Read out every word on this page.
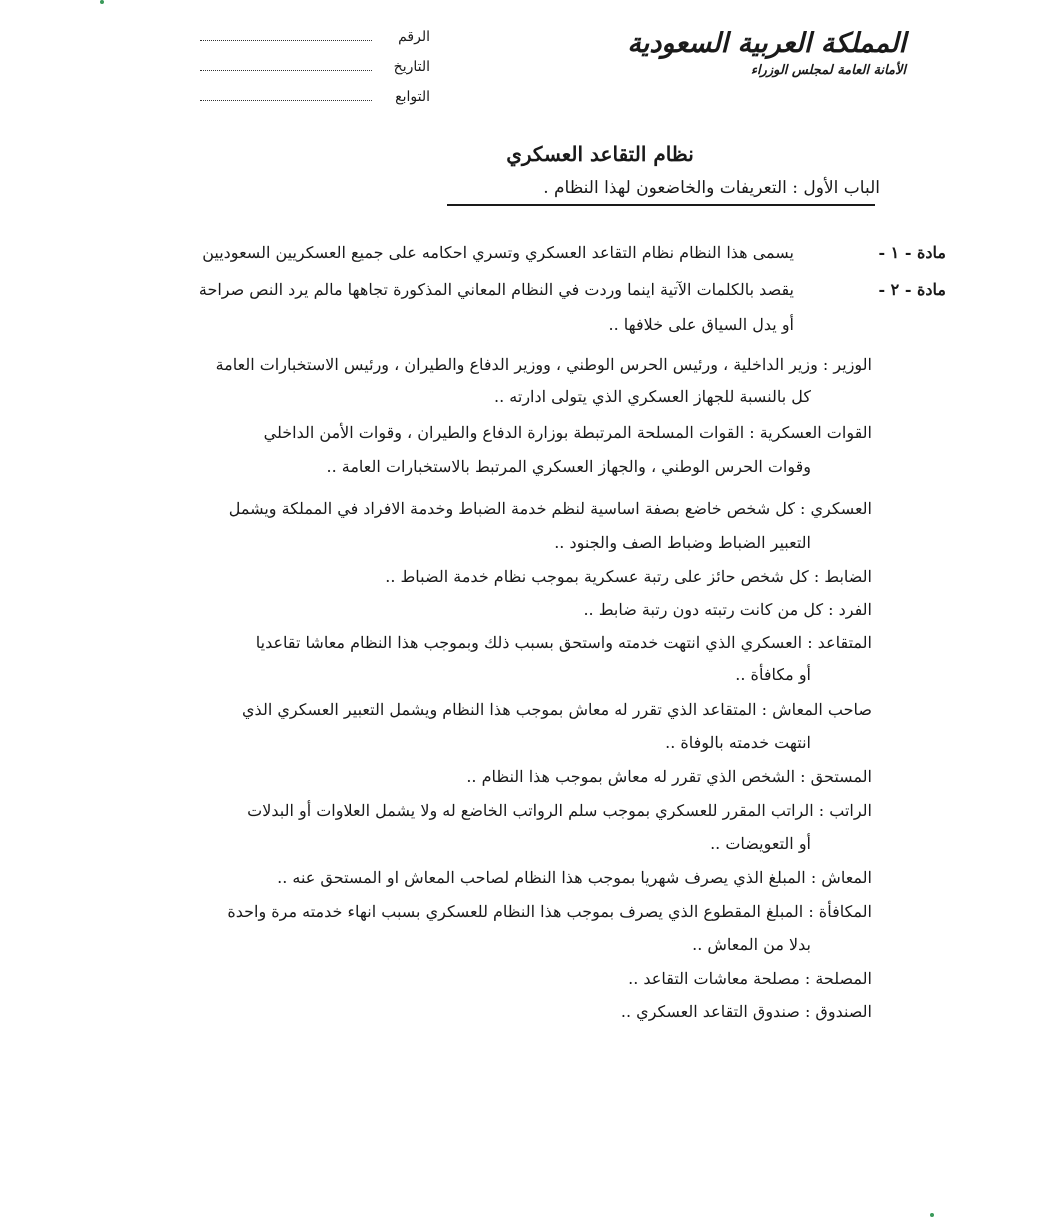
المملكة العربية السعودية
الأمانة العامة لمجلس الوزراء
الرقم
التاريخ
التوابع
نظام التقاعد العسكري
الباب الأول : التعريفات والخاضعون لهذا النظام .
مادة - ١ -
يسمى هذا النظام نظام التقاعد العسكري وتسري احكامه على جميع العسكريين السعوديين
مادة - ٢ -
يقصد بالكلمات الآتية اينما وردت في النظام المعاني المذكورة تجاهها مالم يرد النص صراحة
أو يدل السياق على خلافها ..
الوزير : وزير الداخلية ، ورئيس الحرس الوطني ، ووزير الدفاع والطيران ، ورئيس الاستخبارات العامة
كل بالنسبة للجهاز العسكري الذي يتولى ادارته ..
القوات العسكرية : القوات المسلحة المرتبطة بوزارة الدفاع والطيران ، وقوات الأمن الداخلي
وقوات الحرس الوطني ، والجهاز العسكري المرتبط بالاستخبارات العامة ..
العسكري : كل شخص خاضع بصفة اساسية لنظم خدمة الضباط وخدمة الافراد في المملكة ويشمل
التعبير الضباط وضباط الصف والجنود ..
الضابط : كل شخص حائز على رتبة عسكرية بموجب نظام خدمة الضباط ..
الفرد : كل من كانت رتبته دون رتبة ضابط ..
المتقاعد : العسكري الذي انتهت خدمته واستحق بسبب ذلك وبموجب هذا النظام معاشا تقاعديا
أو مكافأة ..
صاحب المعاش : المتقاعد الذي تقرر له معاش بموجب هذا النظام ويشمل التعبير العسكري الذي
انتهت خدمته بالوفاة ..
المستحق : الشخص الذي تقرر له معاش بموجب هذا النظام ..
الراتب : الراتب المقرر للعسكري بموجب سلم الرواتب الخاضع له ولا يشمل العلاوات أو البدلات
أو التعويضات ..
المعاش : المبلغ الذي يصرف شهريا بموجب هذا النظام لصاحب المعاش او المستحق عنه ..
المكافأة : المبلغ المقطوع الذي يصرف بموجب هذا النظام للعسكري بسبب انهاء خدمته مرة واحدة
بدلا من المعاش ..
المصلحة : مصلحة معاشات التقاعد ..
الصندوق : صندوق التقاعد العسكري ..
